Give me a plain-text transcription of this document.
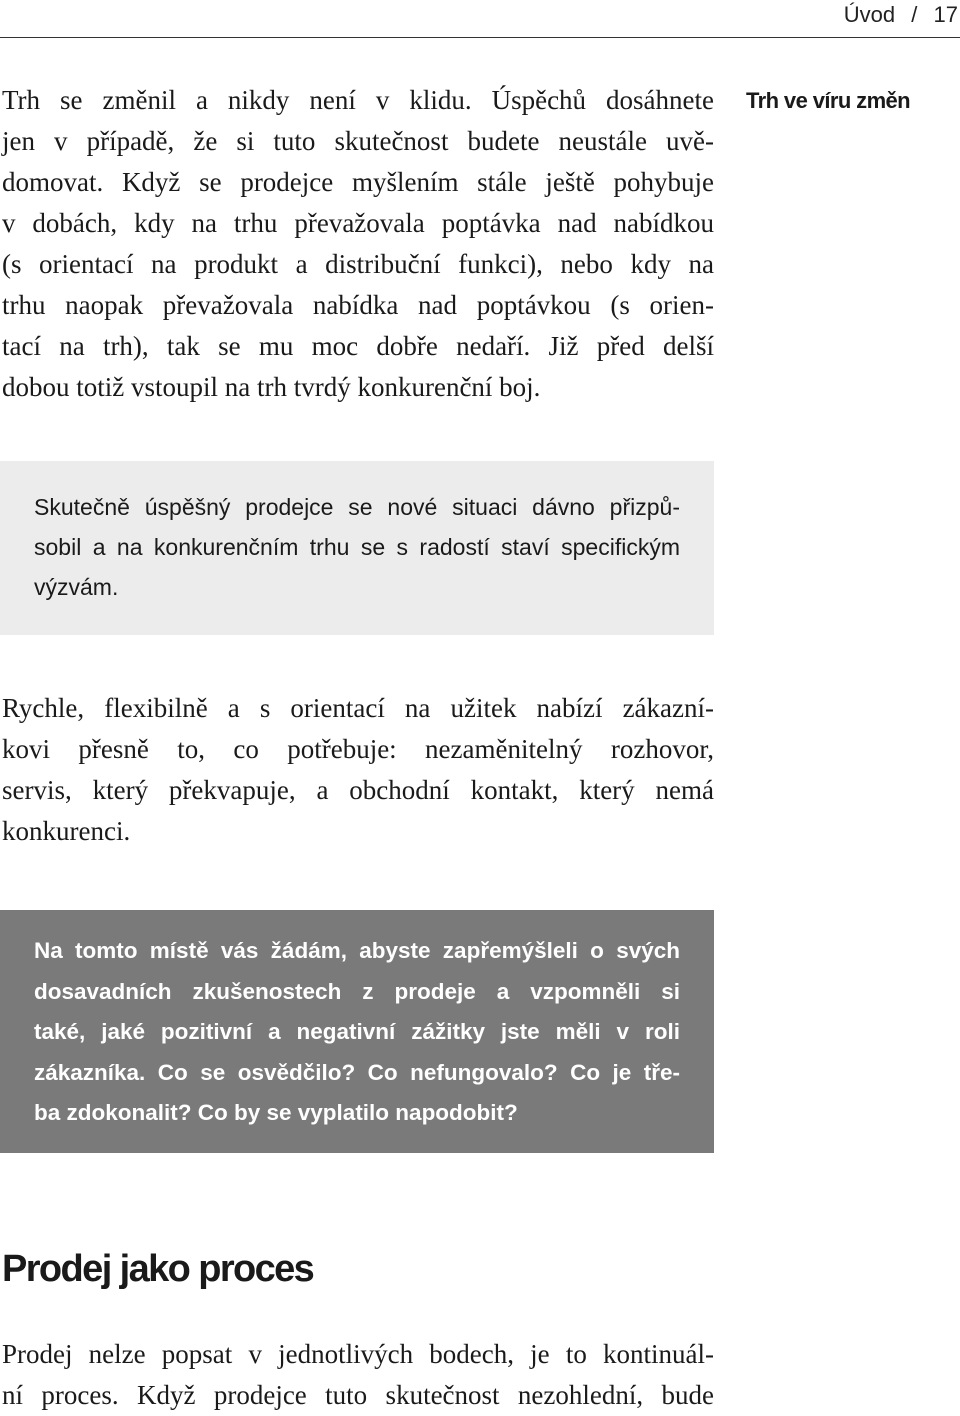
Úvod / 17
Trh ve víru změn

Trh se změnil a nikdy není v klidu. Úspěchů dosáhnete
jen v případě, že si tuto skutečnost budete neustále uvě-
domovat. Když se prodejce myšlením stále ještě pohybuje
v dobách, kdy na trhu převažovala poptávka nad nabídkou
(s orientací na produkt a distribuční funkci), nebo kdy na
trhu naopak převažovala nabídka nad poptávkou (s orien-
tací na trh), tak se mu moc dobře nedaří. Již před delší
dobou totiž vstoupil na trh tvrdý konkurenční boj.

Skutečně úspěšný prodejce se nové situaci dávno přizpů-
sobil a na konkurenčním trhu se s radostí staví specifickým
výzvám.

Rychle, flexibilně a s orientací na užitek nabízí zákazní-
kovi přesně to, co potřebuje: nezaměnitelný rozhovor,
servis, který překvapuje, a obchodní kontakt, který nemá
konkurenci.

Na tomto místě vás žádám, abyste zapřemýšleli o svých
dosavadních zkušenostech z prodeje a vzpomněli si
také, jaké pozitivní a negativní zážitky jste měli v roli
zákazníka. Co se osvědčilo? Co nefungovalo? Co je tře-
ba zdokonalit? Co by se vyplatilo napodobit?

Prodej jako proces

Prodej nelze popsat v jednotlivých bodech, je to kontinuál-
ní proces. Když prodejce tuto skutečnost nezohlední, bude
